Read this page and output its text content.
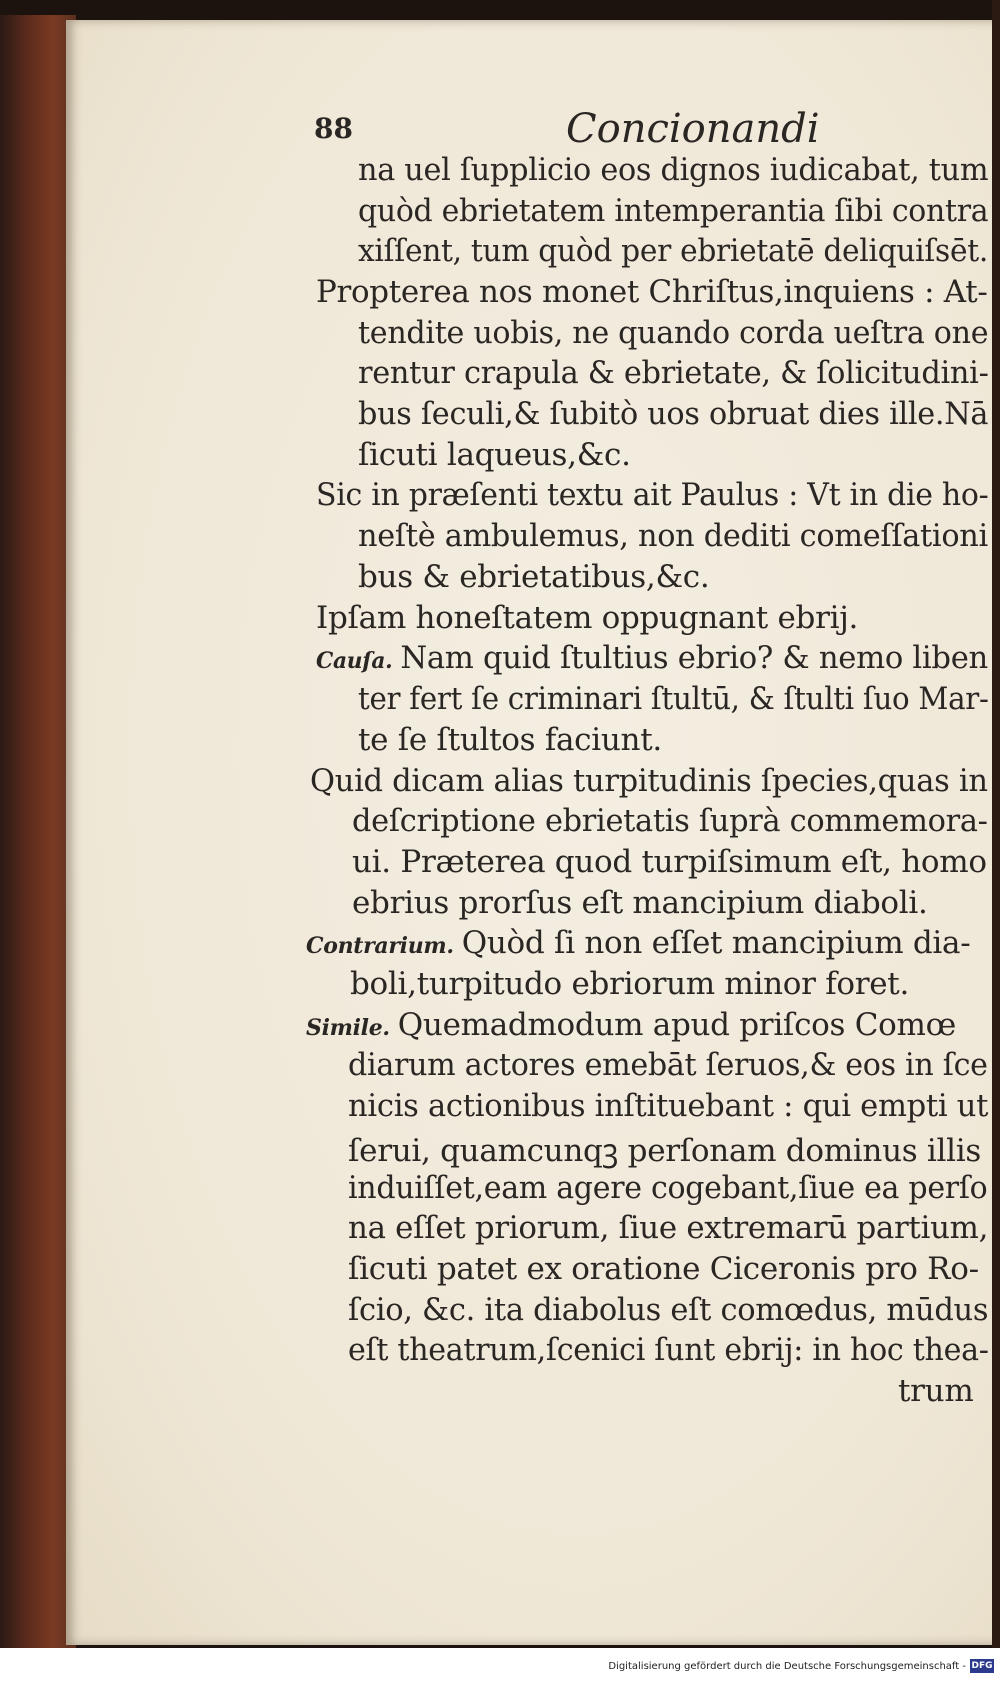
88	Concionandi
na uel ſupplicio eos dignos iudicabat, tum
quòd ebrietatem intemperantia ſibi contra
xiſſent, tum quòd per ebrietatē deliquiſsēt.
Propterea nos monet Chriſtus,inquiens : At-
tendite uobis, ne quando corda ueſtra one
rentur crapula & ebrietate, & ſolicitudini-
bus ſeculi,& ſubitò uos obruat dies ille.Nā
ſicuti laqueus,&c.
Sic in præſenti textu ait Paulus : Vt in die ho-
neſtè ambulemus, non dediti comeſſationi
bus & ebrietatibus,&c.
Ipſam honeſtatem oppugnant ebrij.
Cauſa. Nam quid ſtultius ebrio? & nemo liben
ter fert ſe criminari ſtultū, & ſtulti ſuo Mar-
te ſe ſtultos faciunt.
Quid dicam alias turpitudinis ſpecies,quas in
deſcriptione ebrietatis ſuprà commemora-
ui. Præterea quod turpiſsimum eſt, homo
ebrius prorſus eſt mancipium diaboli.
Contrarium. Quòd ſi non eſſet mancipium dia-
boli,turpitudo ebriorum minor foret.
Simile. Quemadmodum apud priſcos Comœ
diarum actores emebāt ſeruos,& eos in ſce
nicis actionibus inſtituebant : qui empti ut
ſerui, quamcunqꝫ perſonam dominus illis
induiſſet,eam agere cogebant,ſiue ea perſo
na eſſet priorum, ſiue extremarū partium,
ſicuti patet ex oratione Ciceronis pro Ro-
ſcio, &c. ita diabolus eſt comœdus, mūdus
eſt theatrum,ſcenici ſunt ebrij: in hoc thea-
trum
Digitalisierung gefördert durch die Deutsche Forschungsgemeinschaft - DFG
